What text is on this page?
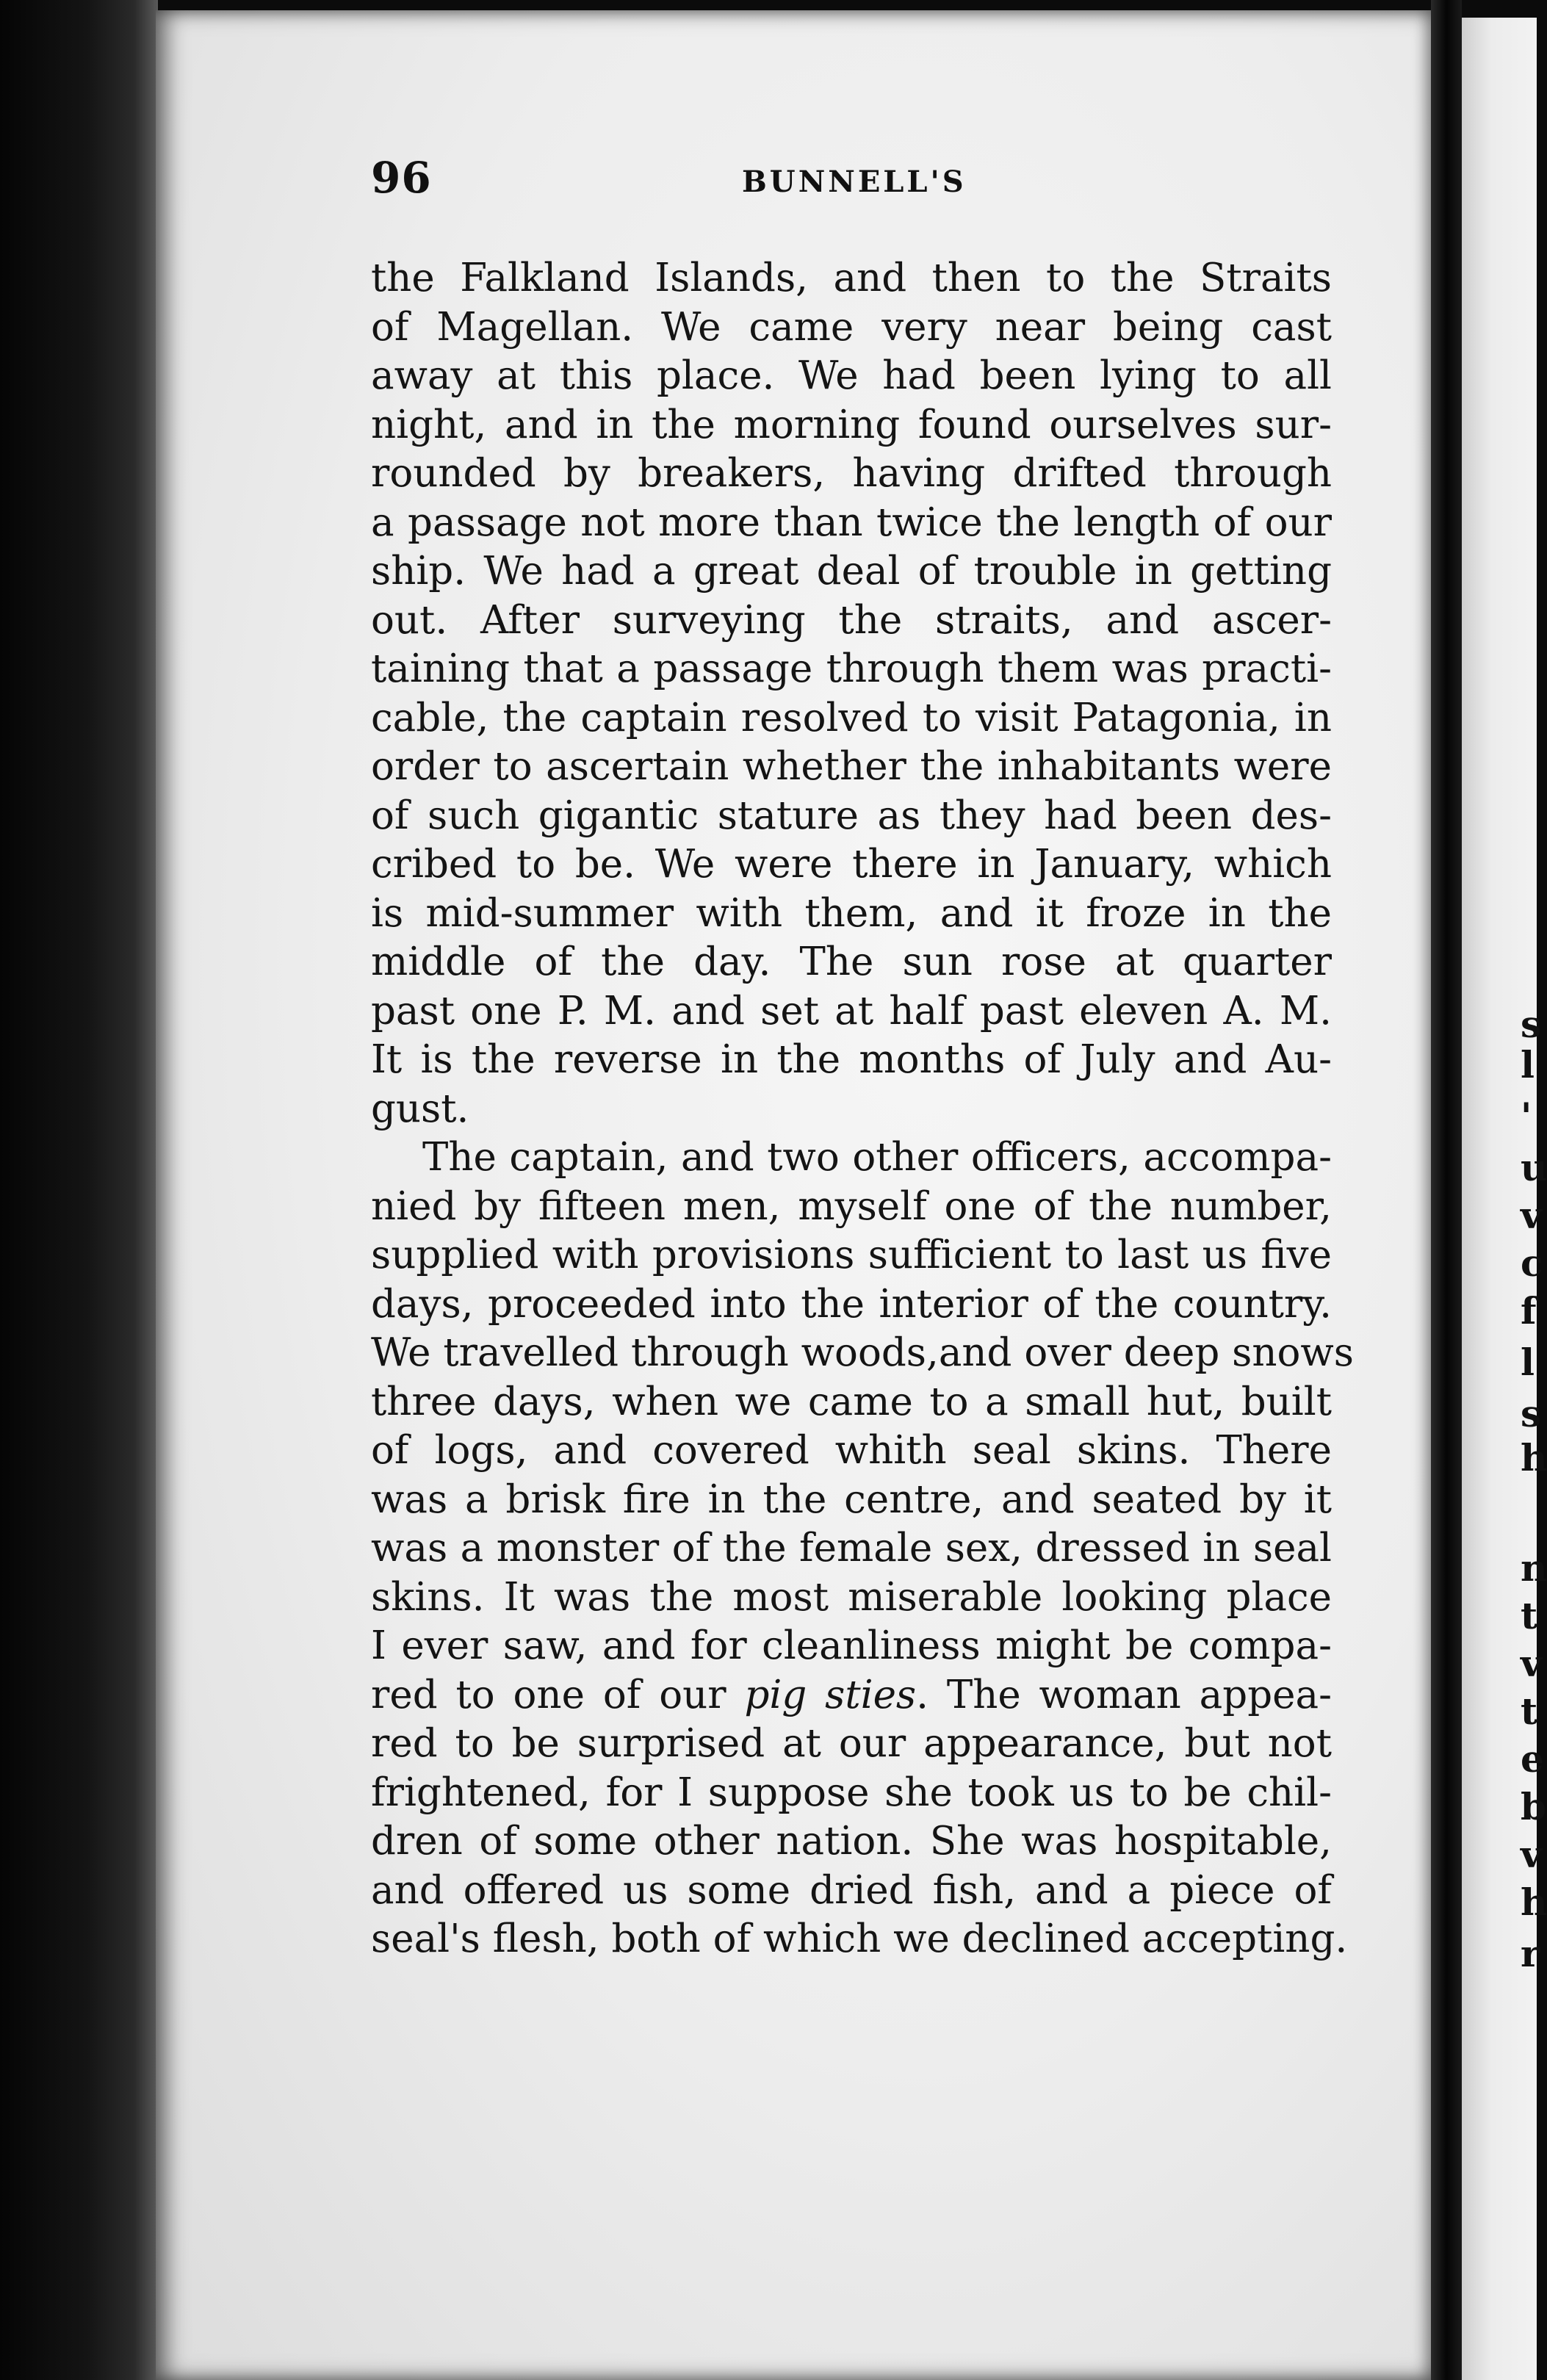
s
l
'
u
v
c
f
l
s
h
n
t
v
t
e
b
v
h
r
96	BUNNELL'S
the Falkland Islands, and then to the Straits
of Magellan. We came very near being cast
away at this place. We had been lying to all
night, and in the morning found ourselves sur-
rounded by breakers, having drifted through
a passage not more than twice the length of our
ship. We had a great deal of trouble in getting
out. After surveying the straits, and ascer-
taining that a passage through them was practi-
cable, the captain resolved to visit Patagonia, in
order to ascertain whether the inhabitants were
of such gigantic stature as they had been des-
cribed to be. We were there in January, which
is mid-summer with them, and it froze in the
middle of the day. The sun rose at quarter
past one P. M. and set at half past eleven A. M.
It is the reverse in the months of July and Au-
gust.
The captain, and two other officers, accompa-
nied by fifteen men, myself one of the number,
supplied with provisions sufficient to last us five
days, proceeded into the interior of the country.
We travelled through woods,and over deep snows
three days, when we came to a small hut, built
of logs, and covered whith seal skins. There
was a brisk fire in the centre, and seated by it
was a monster of the female sex, dressed in seal
skins. It was the most miserable looking place
I ever saw, and for cleanliness might be compa-
red to one of our pig sties. The woman appea-
red to be surprised at our appearance, but not
frightened, for I suppose she took us to be chil-
dren of some other nation. She was hospitable,
and offered us some dried fish, and a piece of
seal's flesh, both of which we declined accepting.
